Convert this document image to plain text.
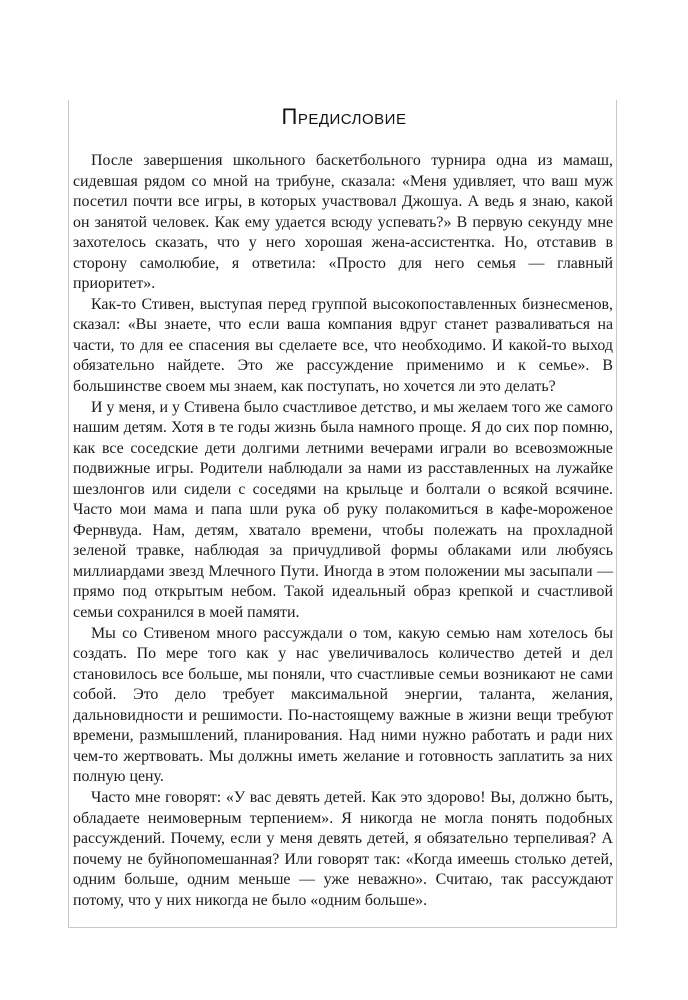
Предисловие

После завершения школьного баскетбольного турнира одна из мамаш, сидевшая рядом со мной на трибуне, сказала: «Меня удивляет, что ваш муж посетил почти все игры, в которых участвовал Джошуа. А ведь я знаю, какой он занятой человек. Как ему удается всюду успевать?» В первую секунду мне захотелось сказать, что у него хорошая жена-ассистентка. Но, отставив в сторону самолюбие, я ответила: «Просто для него семья — главный приоритет».

Как-то Стивен, выступая перед группой высокопоставленных бизнесменов, сказал: «Вы знаете, что если ваша компания вдруг станет разваливаться на части, то для ее спасения вы сделаете все, что необходимо. И какой-то выход обязательно найдете. Это же рассуждение применимо и к семье». В большинстве своем мы знаем, как поступать, но хочется ли это делать?

И у меня, и у Стивена было счастливое детство, и мы желаем того же самого нашим детям. Хотя в те годы жизнь была намного проще. Я до сих пор помню, как все соседские дети долгими летними вечерами играли во всевозможные подвижные игры. Родители наблюдали за нами из расставленных на лужайке шезлонгов или сидели с соседями на крыльце и болтали о всякой всячине. Часто мои мама и папа шли рука об руку полакомиться в кафе-мороженое Фернвуда. Нам, детям, хватало времени, чтобы полежать на прохладной зеленой травке, наблюдая за причудливой формы облаками или любуясь миллиардами звезд Млечного Пути. Иногда в этом положении мы засыпали — прямо под открытым небом. Такой идеальный образ крепкой и счастливой семьи сохранился в моей памяти.

Мы со Стивеном много рассуждали о том, какую семью нам хотелось бы создать. По мере того как у нас увеличивалось количество детей и дел становилось все больше, мы поняли, что счастливые семьи возникают не сами собой. Это дело требует максимальной энергии, таланта, желания, дальновидности и решимости. По-настоящему важные в жизни вещи требуют времени, размышлений, планирования. Над ними нужно работать и ради них чем-то жертвовать. Мы должны иметь желание и готовность заплатить за них полную цену.

Часто мне говорят: «У вас девять детей. Как это здорово! Вы, должно быть, обладаете неимоверным терпением». Я никогда не могла понять подобных рассуждений. Почему, если у меня девять детей, я обязательно терпеливая? А почему не буйнопомешанная? Или говорят так: «Когда имеешь столько детей, одним больше, одним меньше — уже неважно». Считаю, так рассуждают потому, что у них никогда не было «одним больше».
